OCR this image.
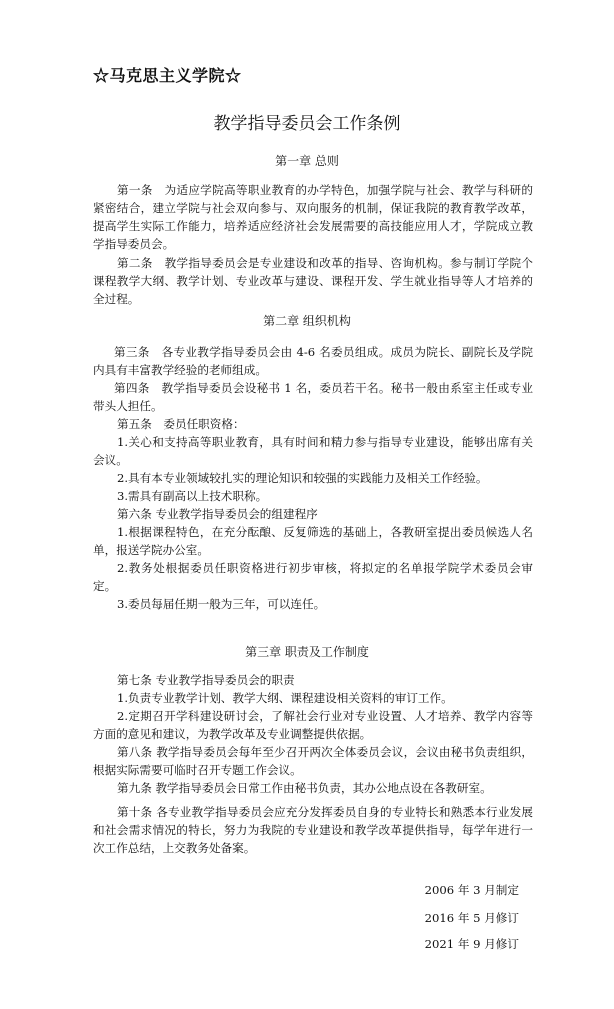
☆马克思主义学院☆
教学指导委员会工作条例
第一章 总则

第一条　为适应学院高等职业教育的办学特色，加强学院与社会、教学与科研的紧密结合，建立学院与社会双向参与、双向服务的机制，保证我院的教育教学改革，提高学生实际工作能力，培养适应经济社会发展需要的高技能应用人才，学院成立教学指导委员会。

第二条　教学指导委员会是专业建设和改革的指导、咨询机构。参与制订学院个课程教学大纲、教学计划、专业改革与建设、课程开发、学生就业指导等人才培养的全过程。

第二章 组织机构

第三条　各专业教学指导委员会由 4-6 名委员组成。成员为院长、副院长及学院内具有丰富教学经验的老师组成。

第四条　教学指导委员会设秘书 1 名，委员若干名。秘书一般由系室主任或专业带头人担任。

第五条　委员任职资格：

1.关心和支持高等职业教育，具有时间和精力参与指导专业建设，能够出席有关会议。

2.具有本专业领域较扎实的理论知识和较强的实践能力及相关工作经验。

3.需具有副高以上技术职称。

第六条 专业教学指导委员会的组建程序

1.根据课程特色，在充分酝酿、反复筛选的基础上，各教研室提出委员候选人名单，报送学院办公室。

2.教务处根据委员任职资格进行初步审核，将拟定的名单报学院学术委员会审定。

3.委员每届任期一般为三年，可以连任。

第三章 职责及工作制度

第七条 专业教学指导委员会的职责

1.负责专业教学计划、教学大纲、课程建设相关资料的审订工作。

2.定期召开学科建设研讨会，了解社会行业对专业设置、人才培养、教学内容等方面的意见和建议，为教学改革及专业调整提供依据。

第八条 教学指导委员会每年至少召开两次全体委员会议，会议由秘书负责组织，根据实际需要可临时召开专题工作会议。

第九条 教学指导委员会日常工作由秘书负责，其办公地点设在各教研室。

第十条 各专业教学指导委员会应充分发挥委员自身的专业特长和熟悉本行业发展和社会需求情况的特长，努力为我院的专业建设和教学改革提供指导，每学年进行一次工作总结，上交教务处备案。

2006 年 3 月制定
2016 年 5 月修订
2021 年 9 月修订
